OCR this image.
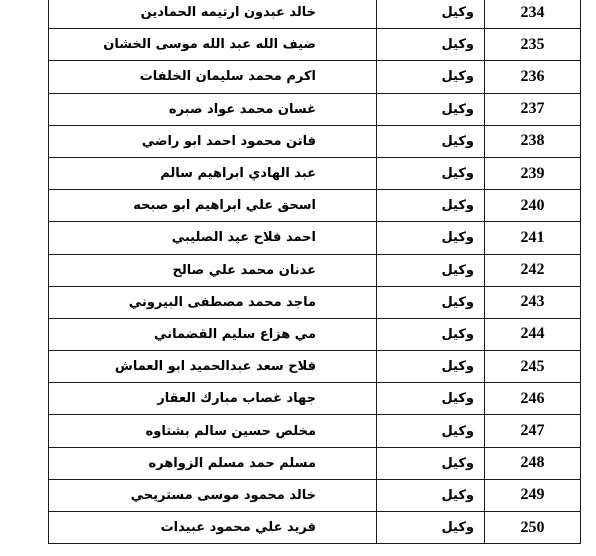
234	وكيل	خالد عبدون ارتيمه الحمادين
235	وكيل	ضيف الله عبد الله موسى الخشان
236	وكيل	اكرم محمد سليمان الخلفات
237	وكيل	غسان محمد عواد صبره
238	وكيل	فاتن محمود احمد ابو راضي
239	وكيل	عبد الهادي ابراهيم سالم
240	وكيل	اسحق علي ابراهيم ابو صبحه
241	وكيل	احمد فلاح عيد الصليبي
242	وكيل	عدنان محمد علي صالح
243	وكيل	ماجد محمد مصطفى البيروني
244	وكيل	مي هزاع سليم القضماني
245	وكيل	فلاح سعد عبدالحميد ابو العماش
246	وكيل	جهاد غصاب مبارك العقار
247	وكيل	مخلص حسين سالم بشتاوه
248	وكيل	مسلم حمد مسلم الزواهره
249	وكيل	خالد محمود موسى مستريحي
250	وكيل	فريد علي محمود عبيدات
